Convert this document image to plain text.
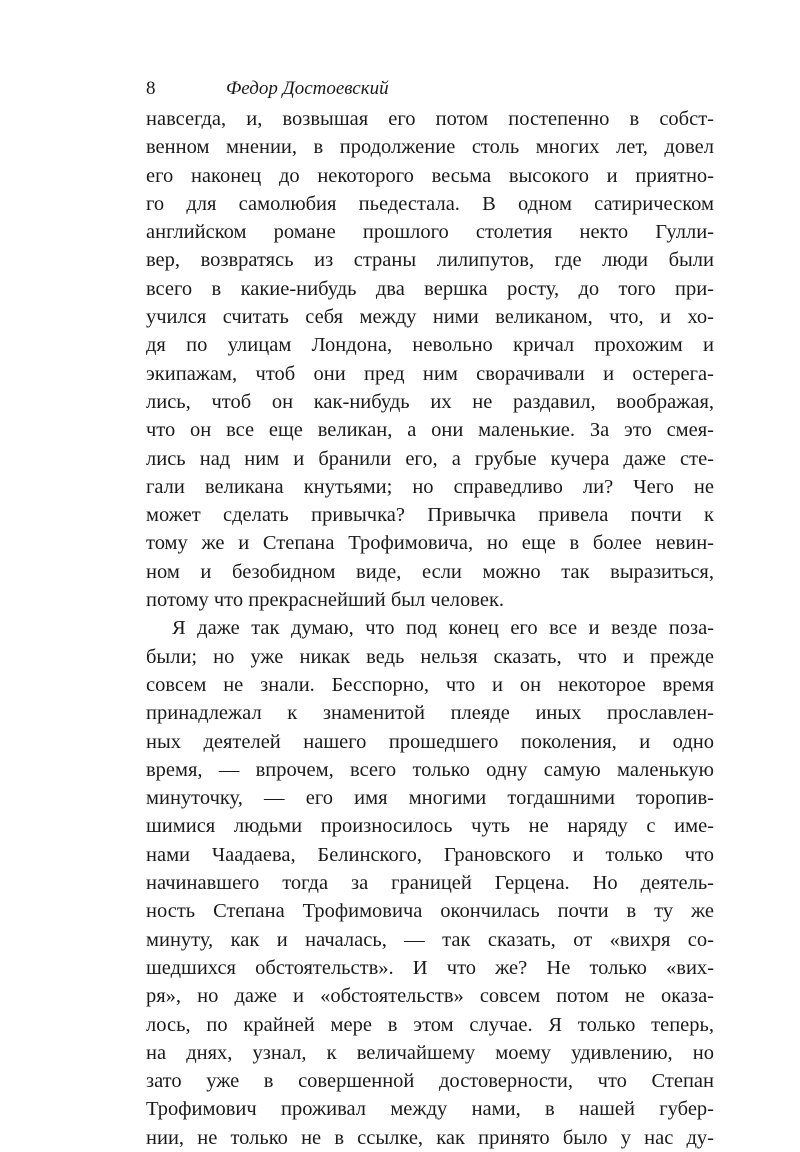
8	Федор Достоевский
навсегда, и, возвышая его потом постепенно в собст-
венном мнении, в продолжение столь многих лет, довел
его наконец до некоторого весьма высокого и приятно-
го для самолюбия пьедестала. В одном сатирическом
английском романе прошлого столетия некто Гулли-
вер, возвратясь из страны лилипутов, где люди были
всего в какие-нибудь два вершка росту, до того при-
учился считать себя между ними великаном, что, и хо-
дя по улицам Лондона, невольно кричал прохожим и
экипажам, чтоб они пред ним сворачивали и остерега-
лись, чтоб он как-нибудь их не раздавил, воображая,
что он все еще великан, а они маленькие. За это смея-
лись над ним и бранили его, а грубые кучера даже сте-
гали великана кнутьями; но справедливо ли? Чего не
может сделать привычка? Привычка привела почти к
тому же и Степана Трофимовича, но еще в более невин-
ном и безобидном виде, если можно так выразиться,
потому что прекраснейший был человек.
Я даже так думаю, что под конец его все и везде поза-
были; но уже никак ведь нельзя сказать, что и прежде
совсем не знали. Бесспорно, что и он некоторое время
принадлежал к знаменитой плеяде иных прославлен-
ных деятелей нашего прошедшего поколения, и одно
время, — впрочем, всего только одну самую маленькую
минуточку, — его имя многими тогдашними торопив-
шимися людьми произносилось чуть не наряду с име-
нами Чаадаева, Белинского, Грановского и только что
начинавшего тогда за границей Герцена. Но деятель-
ность Степана Трофимовича окончилась почти в ту же
минуту, как и началась, — так сказать, от «вихря со-
шедшихся обстоятельств». И что же? Не только «вих-
ря», но даже и «обстоятельств» совсем потом не оказа-
лось, по крайней мере в этом случае. Я только теперь,
на днях, узнал, к величайшему моему удивлению, но
зато уже в совершенной достоверности, что Степан
Трофимович проживал между нами, в нашей губер-
нии, не только не в ссылке, как принято было у нас ду-
